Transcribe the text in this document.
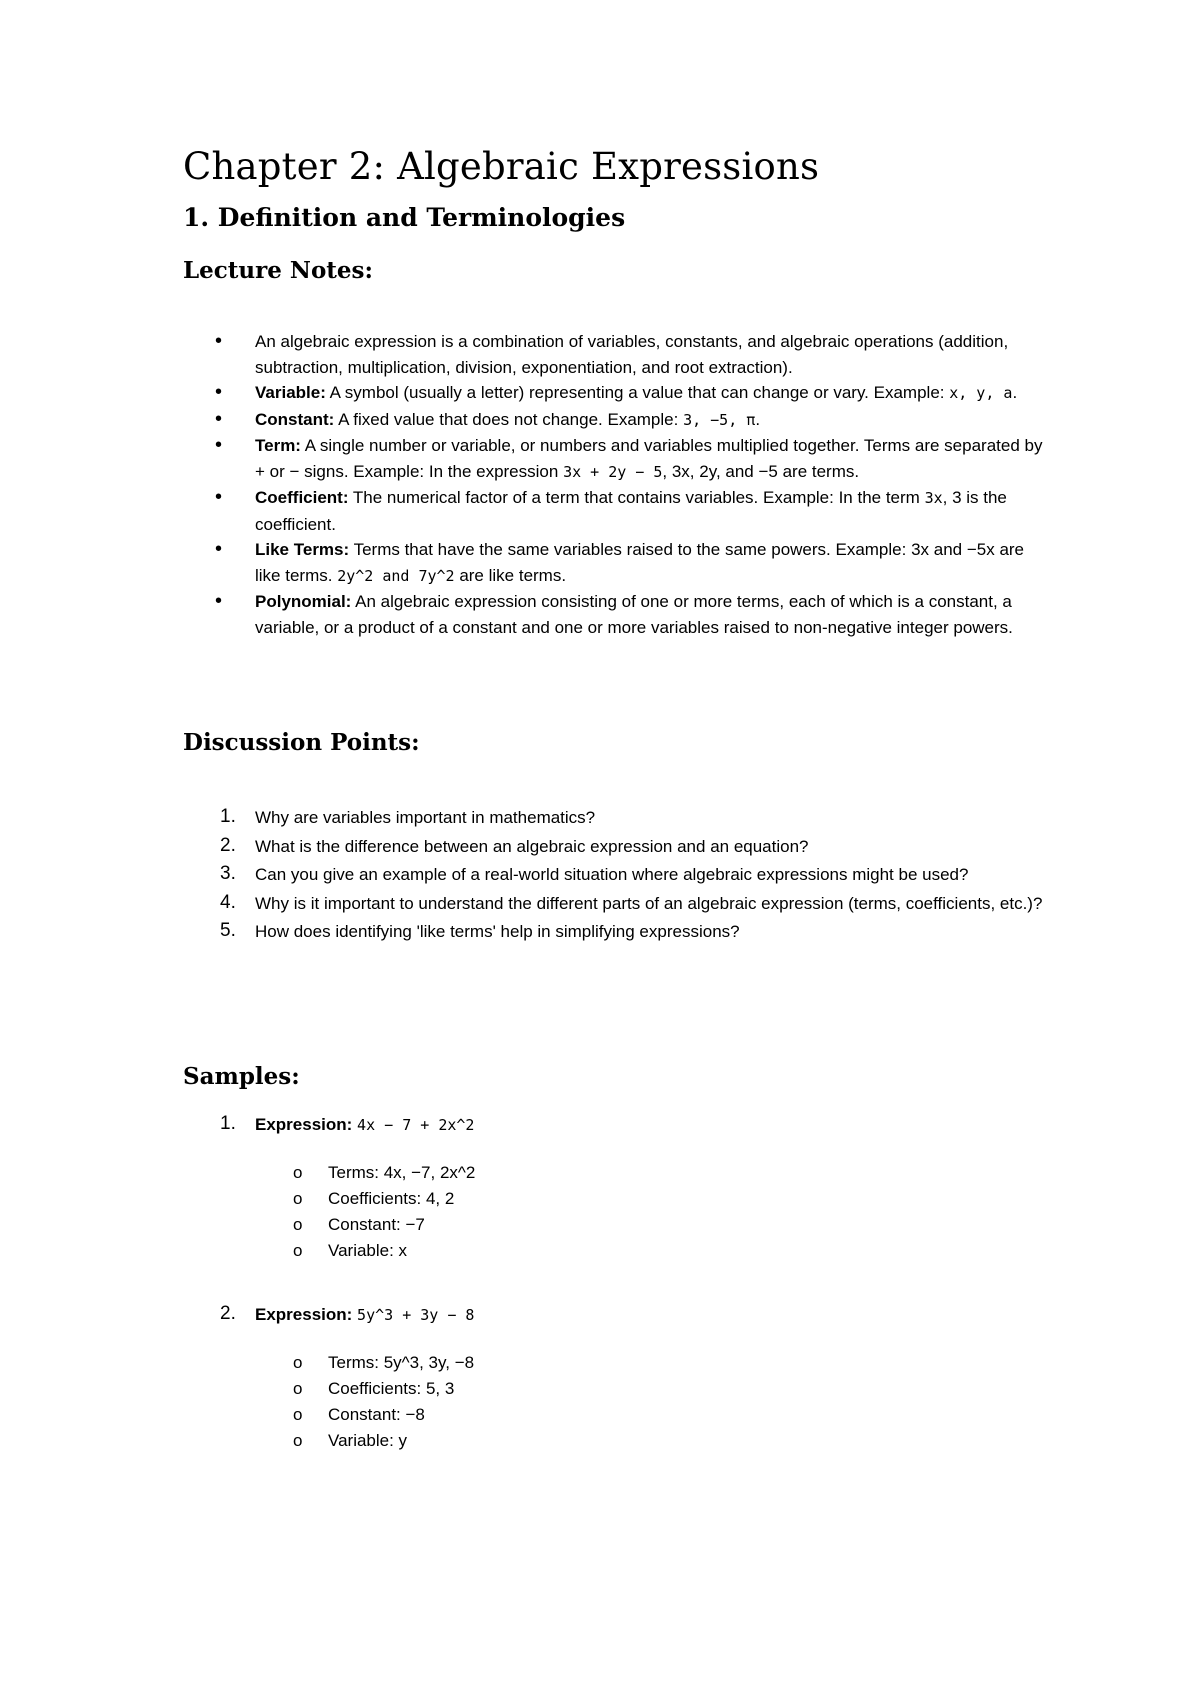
Chapter 2: Algebraic Expressions
1. Definition and Terminologies
Lecture Notes:
• An algebraic expression is a combination of variables, constants, and algebraic operations (addition, subtraction, multiplication, division, exponentiation, and root extraction).
• Variable: A symbol (usually a letter) representing a value that can change or vary. Example: x, y, a.
• Constant: A fixed value that does not change. Example: 3, −5, π.
• Term: A single number or variable, or numbers and variables multiplied together. Terms are separated by + or − signs. Example: In the expression 3x + 2y − 5, 3x, 2y, and −5 are terms.
• Coefficient: The numerical factor of a term that contains variables. Example: In the term 3x, 3 is the coefficient.
• Like Terms: Terms that have the same variables raised to the same powers. Example: 3x and −5x are like terms. 2y^2 and 7y^2 are like terms.
• Polynomial: An algebraic expression consisting of one or more terms, each of which is a constant, a variable, or a product of a constant and one or more variables raised to non-negative integer powers.
Discussion Points:
1. Why are variables important in mathematics?
2. What is the difference between an algebraic expression and an equation?
3. Can you give an example of a real-world situation where algebraic expressions might be used?
4. Why is it important to understand the different parts of an algebraic expression (terms, coefficients, etc.)?
5. How does identifying 'like terms' help in simplifying expressions?
Samples:
1. Expression: 4x − 7 + 2x^2
o Terms: 4x, −7, 2x^2
o Coefficients: 4, 2
o Constant: −7
o Variable: x
2. Expression: 5y^3 + 3y − 8
o Terms: 5y^3, 3y, −8
o Coefficients: 5, 3
o Constant: −8
o Variable: y
